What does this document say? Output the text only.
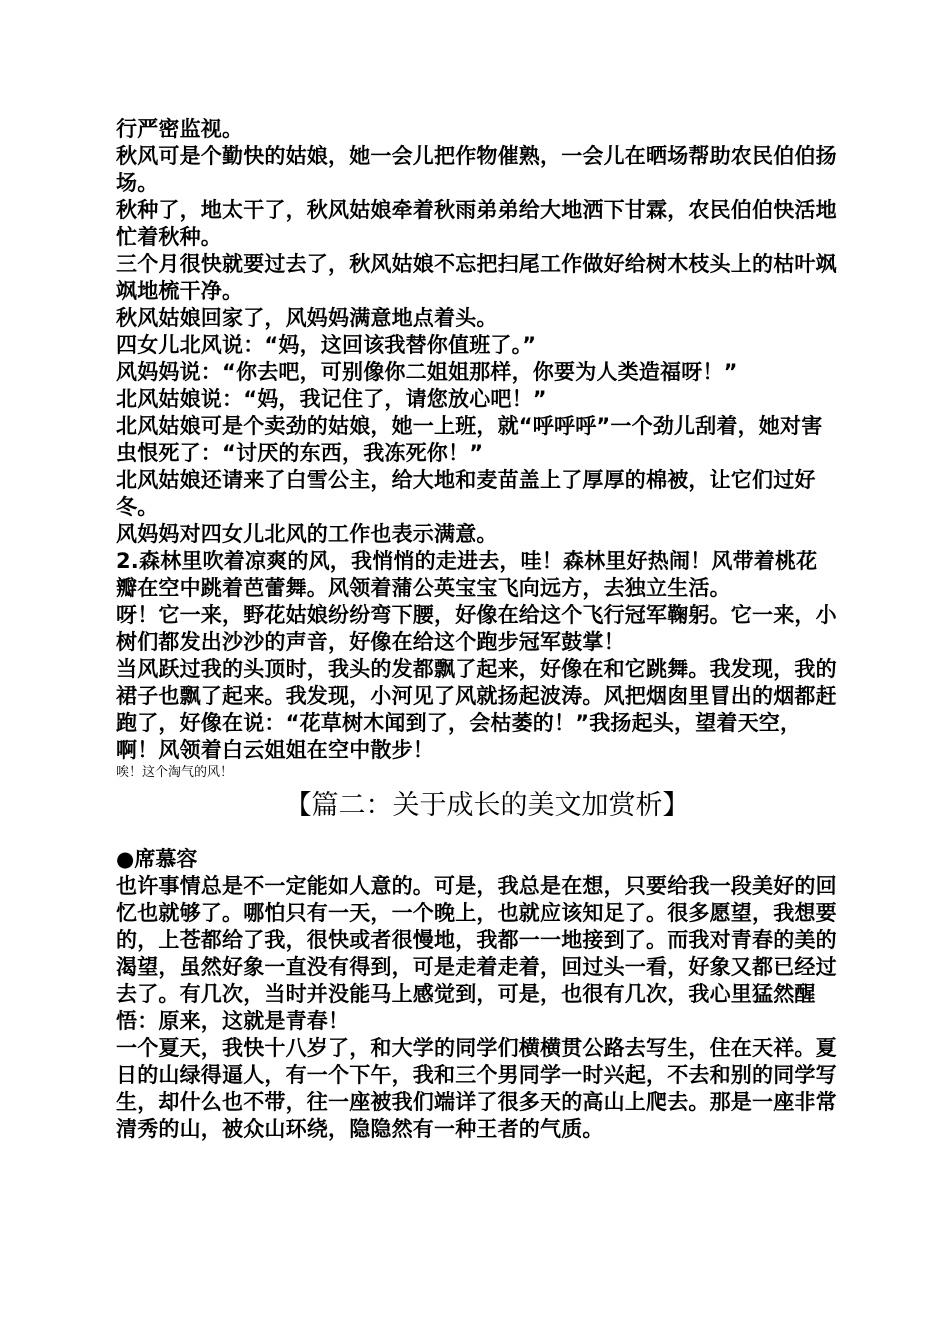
行严密监视。

秋风可是个勤快的姑娘，她一会儿把作物催熟，一会儿在晒场帮助农民伯伯扬场。

秋种了，地太干了，秋风姑娘牵着秋雨弟弟给大地洒下甘霖，农民伯伯快活地忙着秋种。

三个月很快就要过去了，秋风姑娘不忘把扫尾工作做好给树木枝头上的枯叶飒飒地梳干净。

秋风姑娘回家了，风妈妈满意地点着头。

四女儿北风说：“妈，这回该我替你值班了。”

风妈妈说：“你去吧，可别像你二姐姐那样，你要为人类造福呀！”

北风姑娘说：“妈，我记住了，请您放心吧！”

北风姑娘可是个卖劲的姑娘，她一上班，就“呼呼呼”一个劲儿刮着，她对害虫恨死了：“讨厌的东西，我冻死你！”

北风姑娘还请来了白雪公主，给大地和麦苗盖上了厚厚的棉被，让它们过好冬。

风妈妈对四女儿北风的工作也表示满意。

2.森林里吹着凉爽的风，我悄悄的走进去，哇！森林里好热闹！风带着桃花瓣在空中跳着芭蕾舞。风领着蒲公英宝宝飞向远方，去独立生活。

呀！它一来，野花姑娘纷纷弯下腰，好像在给这个飞行冠军鞠躬。它一来，小树们都发出沙沙的声音，好像在给这个跑步冠军鼓掌！

当风跃过我的头顶时，我头的发都飘了起来，好像在和它跳舞。我发现，我的裙子也飘了起来。我发现，小河见了风就扬起波涛。风把烟囱里冒出的烟都赶跑了，好像在说：“花草树木闻到了，会枯萎的！”我扬起头，望着天空，啊！风领着白云姐姐在空中散步！

唉！这个淘气的风！

【篇二：关于成长的美文加赏析】

●席慕容

也许事情总是不一定能如人意的。可是，我总是在想，只要给我一段美好的回忆也就够了。哪怕只有一天，一个晚上，也就应该知足了。很多愿望，我想要的，上苍都给了我，很快或者很慢地，我都一一地接到了。而我对青春的美的渴望，虽然好象一直没有得到，可是走着走着，回过头一看，好象又都已经过去了。有几次，当时并没能马上感觉到，可是，也很有几次，我心里猛然醒悟：原来，这就是青春！

一个夏天，我快十八岁了，和大学的同学们横横贯公路去写生，住在天祥。夏日的山绿得逼人，有一个下午，我和三个男同学一时兴起，不去和别的同学写生，却什么也不带，往一座被我们端详了很多天的高山上爬去。那是一座非常清秀的山，被众山环绕，隐隐然有一种王者的气质。
